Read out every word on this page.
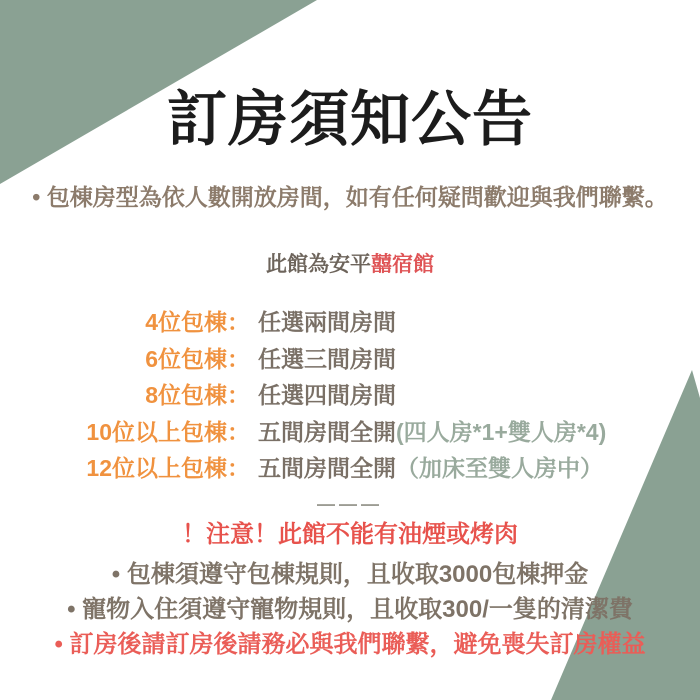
訂房須知公告
• 包棟房型為依人數開放房間，如有任何疑問歡迎與我們聯繫。
此館為安平囍宿館
4位包棟： 任選兩間房間
6位包棟： 任選三間房間
8位包棟： 任選四間房間
10位以上包棟： 五間房間全開(四人房*1+雙人房*4)
12位以上包棟： 五間房間全開（加床至雙人房中）
———
！注意！此館不能有油煙或烤肉
• 包棟須遵守包棟規則，且收取3000包棟押金
• 寵物入住須遵守寵物規則，且收取300/一隻的清潔費
• 訂房後請訂房後請務必與我們聯繫，避免喪失訂房權益
